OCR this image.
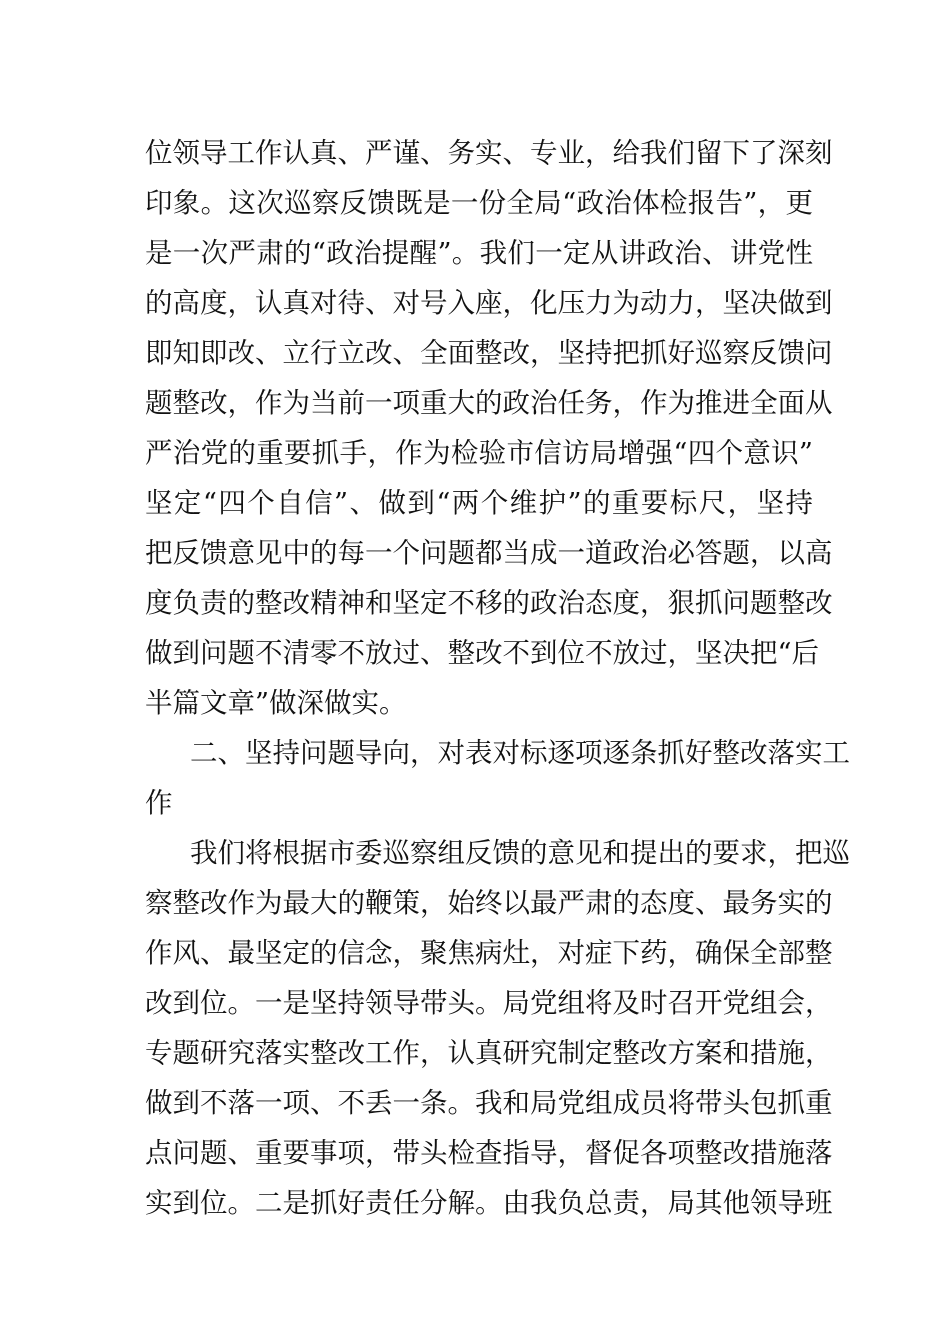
位领导工作认真、严谨、务实、专业，给我们留下了深刻
印象。这次巡察反馈既是一份全局“政治体检报告”，更
是一次严肃的“政治提醒”。我们一定从讲政治、讲党性
的高度，认真对待、对号入座，化压力为动力，坚决做到
即知即改、立行立改、全面整改，坚持把抓好巡察反馈问
题整改，作为当前一项重大的政治任务，作为推进全面从
严治党的重要抓手，作为检验市信访局增强“四个意识”
坚定“四个自信”、做到“两个维护”的重要标尺，坚持
把反馈意见中的每一个问题都当成一道政治必答题，以高
度负责的整改精神和坚定不移的政治态度，狠抓问题整改
做到问题不清零不放过、整改不到位不放过，坚决把“后
半篇文章”做深做实。
二、坚持问题导向，对表对标逐项逐条抓好整改落实工
作
我们将根据市委巡察组反馈的意见和提出的要求，把巡
察整改作为最大的鞭策，始终以最严肃的态度、最务实的
作风、最坚定的信念，聚焦病灶，对症下药，确保全部整
改到位。一是坚持领导带头。局党组将及时召开党组会，
专题研究落实整改工作，认真研究制定整改方案和措施，
做到不落一项、不丢一条。我和局党组成员将带头包抓重
点问题、重要事项，带头检查指导，督促各项整改措施落
实到位。二是抓好责任分解。由我负总责，局其他领导班
